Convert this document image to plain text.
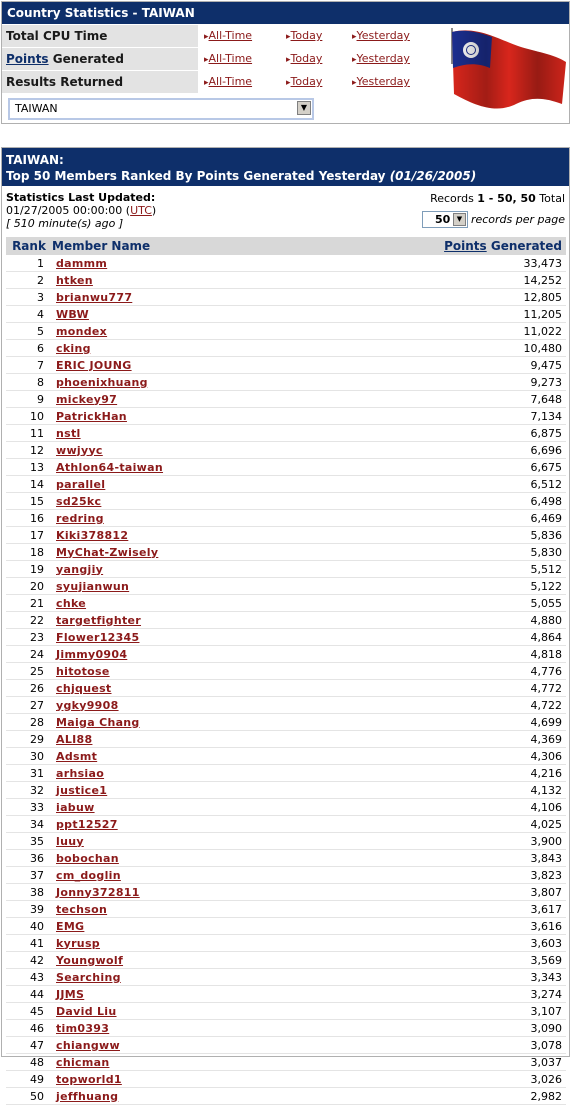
Country Statistics - TAIWAN
Total CPU Time	▸All-Time	▸Today	▸Yesterday
Points Generated	▸All-Time	▸Today	▸Yesterday
Results Returned	▸All-Time	▸Today	▸Yesterday
TAIWAN	▼
TAIWAN:
Top 50 Members Ranked By Points Generated Yesterday (01/26/2005)
Statistics Last Updated:
01/27/2005 00:00:00 (UTC)
[ 510 minute(s) ago ]
Records 1 - 50, 50 Total
50 ▼ records per page
Rank	Member Name	Points Generated
1	dammm	33,473
2	htken	14,252
3	brianwu777	12,805
4	WBW	11,205
5	mondex	11,022
6	cking	10,480
7	ERIC JOUNG	9,475
8	phoenixhuang	9,273
9	mickey97	7,648
10	PatrickHan	7,134
11	nstl	6,875
12	wwjyyc	6,696
13	Athlon64-taiwan	6,675
14	parallel	6,512
15	sd25kc	6,498
16	redring	6,469
17	Kiki378812	5,836
18	MyChat-Zwisely	5,830
19	yangjiy	5,512
20	syujianwun	5,122
21	chke	5,055
22	targetfighter	4,880
23	Flower12345	4,864
24	Jimmy0904	4,818
25	hitotose	4,776
26	chjquest	4,772
27	ygky9908	4,722
28	Maiga Chang	4,699
29	ALI88	4,369
30	Adsmt	4,306
31	arhsiao	4,216
32	justice1	4,132
33	iabuw	4,106
34	ppt12527	4,025
35	luuy	3,900
36	bobochan	3,843
37	cm_doglin	3,823
38	Jonny372811	3,807
39	techson	3,617
40	EMG	3,616
41	kyrusp	3,603
42	Youngwolf	3,569
43	Searching	3,343
44	JJMS	3,274
45	David Liu	3,107
46	tim0393	3,090
47	chiangww	3,078
48	chicman	3,037
49	topworld1	3,026
50	jeffhuang	2,982
